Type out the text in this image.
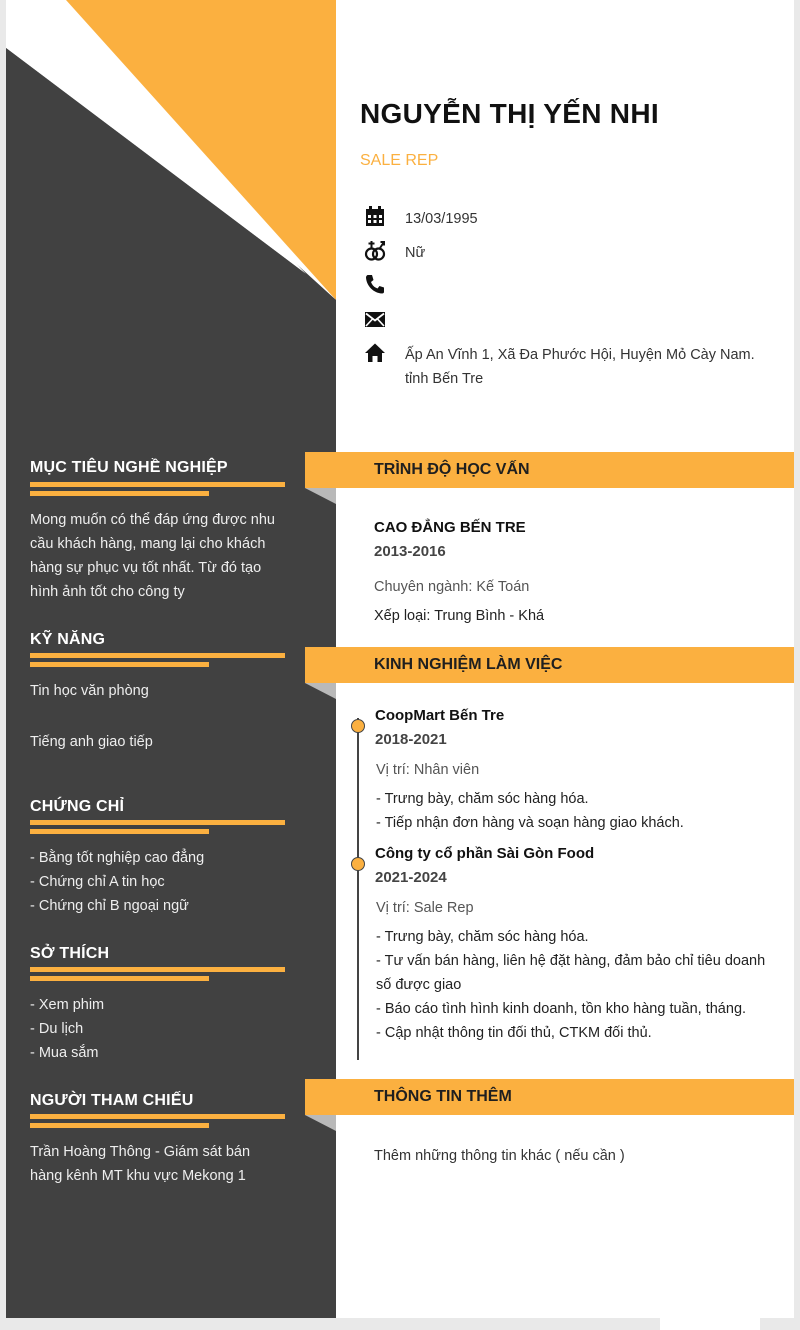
MỤC TIÊU NGHỀ NGHIỆP
Mong muốn có thể đáp ứng được nhu
cầu khách hàng, mang lại cho khách
hàng sự phục vụ tốt nhất. Từ đó tạo
hình ảnh tốt cho công ty
KỸ NĂNG
Tin học văn phòng
Tiếng anh giao tiếp
CHỨNG CHỈ
- Bằng tốt nghiệp cao đẳng
- Chứng chỉ A tin học
- Chứng chỉ B ngoại ngữ
SỞ THÍCH
- Xem phim
- Du lịch
- Mua sắm
NGƯỜI THAM CHIẾU
Trần Hoàng Thông - Giám sát bán
hàng kênh MT khu vực Mekong 1
NGUYỄN THỊ YẾN NHI
SALE REP
13/03/1995
Nữ
Ấp An Vĩnh 1, Xã Đa Phước Hội, Huyện Mỏ Cày Nam.
tỉnh Bến Tre
TRÌNH ĐỘ HỌC VẤN
CAO ĐẲNG BẾN TRE
2013-2016
Chuyên ngành: Kế Toán
Xếp loại: Trung Bình - Khá
KINH NGHIỆM LÀM VIỆC
CoopMart Bến Tre
2018-2021
Vị trí: Nhân viên
- Trưng bày, chăm sóc hàng hóa.
- Tiếp nhận đơn hàng và soạn hàng giao khách.
Công ty cổ phần Sài Gòn Food
2021-2024
Vị trí: Sale Rep
- Trưng bày, chăm sóc hàng hóa.
- Tư vấn bán hàng, liên hệ đặt hàng, đảm bảo chỉ tiêu doanh
số được giao
- Báo cáo tình hình kinh doanh, tồn kho hàng tuần, tháng.
- Cập nhật thông tin đối thủ, CTKM đối thủ.
THÔNG TIN THÊM
Thêm những thông tin khác ( nếu cần )
